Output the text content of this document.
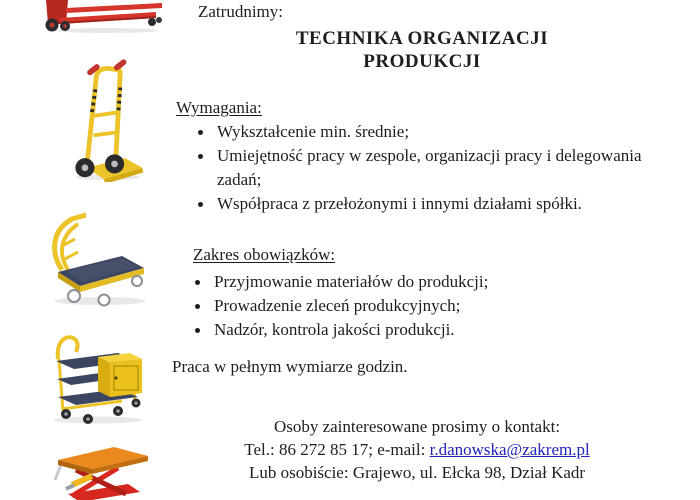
Zatrudnimy:
TECHNIKA ORGANIZACJI
PRODUKCJI
Wymagania:
Wykształcenie min. średnie;
Umiejętność pracy w zespole, organizacji pracy i delegowania zadań;
Współpraca z przełożonymi i innymi działami spółki.
Zakres obowiązków:
Przyjmowanie materiałów do produkcji;
Prowadzenie zleceń produkcyjnych;
Nadzór, kontrola jakości produkcji.

Praca w pełnym wymiarze godzin.

Osoby zainteresowane prosimy o kontakt:
Tel.: 86 272 85 17; e-mail: r.danowska@zakrem.pl
Lub osobiście: Grajewo, ul. Ełcka 98, Dział Kadr
